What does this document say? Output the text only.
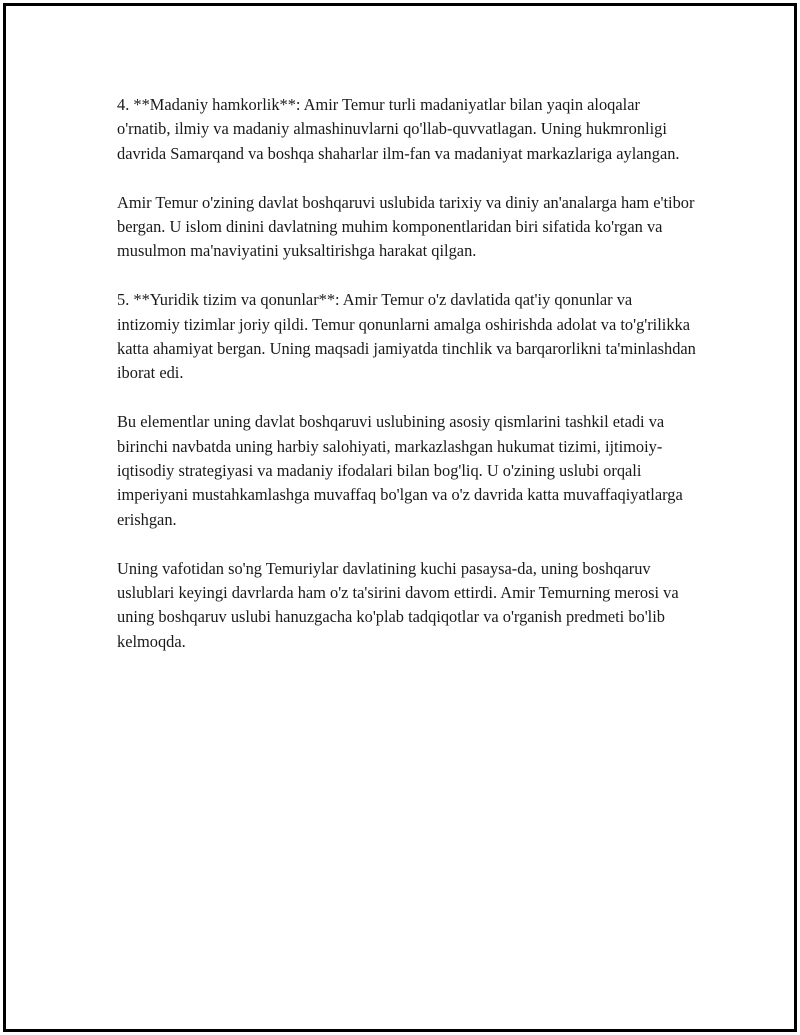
4. **Madaniy hamkorlik**: Amir Temur turli madaniyatlar bilan yaqin aloqalar o'rnatib, ilmiy va madaniy almashinuvlarni qo'llab-quvvatlagan. Uning hukmronligi davrida Samarqand va boshqa shaharlar ilm-fan va madaniyat markazlariga aylangan.

Amir Temur o'zining davlat boshqaruvi uslubida tarixiy va diniy an'analarga ham e'tibor bergan. U islom dinini davlatning muhim komponentlaridan biri sifatida ko'rgan va musulmon ma'naviyatini yuksaltirishga harakat qilgan.

5. **Yuridik tizim va qonunlar**: Amir Temur o'z davlatida qat'iy qonunlar va intizomiy tizimlar joriy qildi. Temur qonunlarni amalga oshirishda adolat va to'g'rilikka katta ahamiyat bergan. Uning maqsadi jamiyatda tinchlik va barqarorlikni ta'minlashdan iborat edi.

Bu elementlar uning davlat boshqaruvi uslubining asosiy qismlarini tashkil etadi va birinchi navbatda uning harbiy salohiyati, markazlashgan hukumat tizimi, ijtimoiy-iqtisodiy strategiyasi va madaniy ifodalari bilan bog'liq. U o'zining uslubi orqali imperiyani mustahkamlashga muvaffaq bo'lgan va o'z davrida katta muvaffaqiyatlarga erishgan.

Uning vafotidan so'ng Temuriylar davlatining kuchi pasaysa-da, uning boshqaruv uslublari keyingi davrlarda ham o'z ta'sirini davom ettirdi. Amir Temurning merosi va uning boshqaruv uslubi hanuzgacha ko'plab tadqiqotlar va o'rganish predmeti bo'lib kelmoqda.
